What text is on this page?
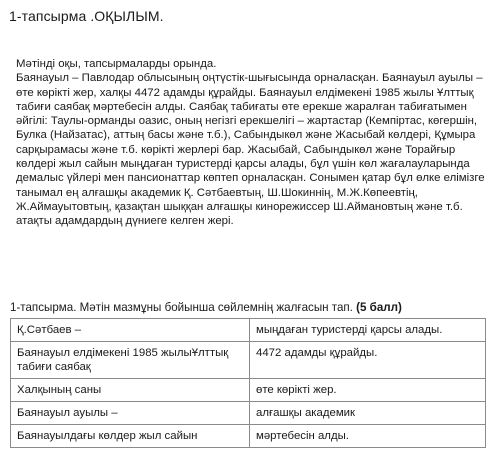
1-тапсырма .ОҚЫЛЫМ.

Мәтінді оқы, тапсырмаларды орында.

Баянауыл – Павлодар облысының оңтүстік-шығысында орналасқан. Баянауыл ауылы – өте көрікті жер, халқы 4472 адамды құрайды. Баянауыл елдімекені 1985 жылы Ұлттық табиғи саябақ мәртебесін алды. Саябақ табиғаты өте ерекше жаралған табиғатымен әйгілі: Таулы-орманды оазис, оның негізгі ерекшелігі – жартастар (Кемпіртас, көгершін, Булка (Найзатас), аттың басы және т.б.), Сабындыкөл және Жасыбай көлдері, Құмыра сарқырамасы және т.б. көрікті жерлері бар. Жасыбай, Сабындыкөл және Торайғыр көлдері жыл сайын мыңдаған туристерді қарсы алады, бұл үшін көл жағалауларында демалыс үйлері мен пансионаттар көптеп орналасқан. Сонымен қатар бұл өлке елімізге танымал ең алғашқы академик Қ. Сәтбаевтың, Ш.Шокиннің, М.Ж.Көпеевтің, Ж.Аймауытовтың, қазақтан шыққан алғашқы кинорежиссер Ш.Аймановтың және т.б. атақты адамдардың дүниеге келген жері.

1-тапсырма. Мәтін мазмұны бойынша сөйлемнің жалғасын тап. (5 балл)
Қ.Сәтбаев –	мыңдаған туристерді қарсы алады.
Баянауыл елдімекені 1985 жылыҰлттық табиғи саябақ	4472 адамды құрайды.
Халқының саны	өте көрікті жер.
Баянауыл ауылы –	алғашқы академик
Баянауылдағы көлдер жыл сайын	мәртебесін алды.
